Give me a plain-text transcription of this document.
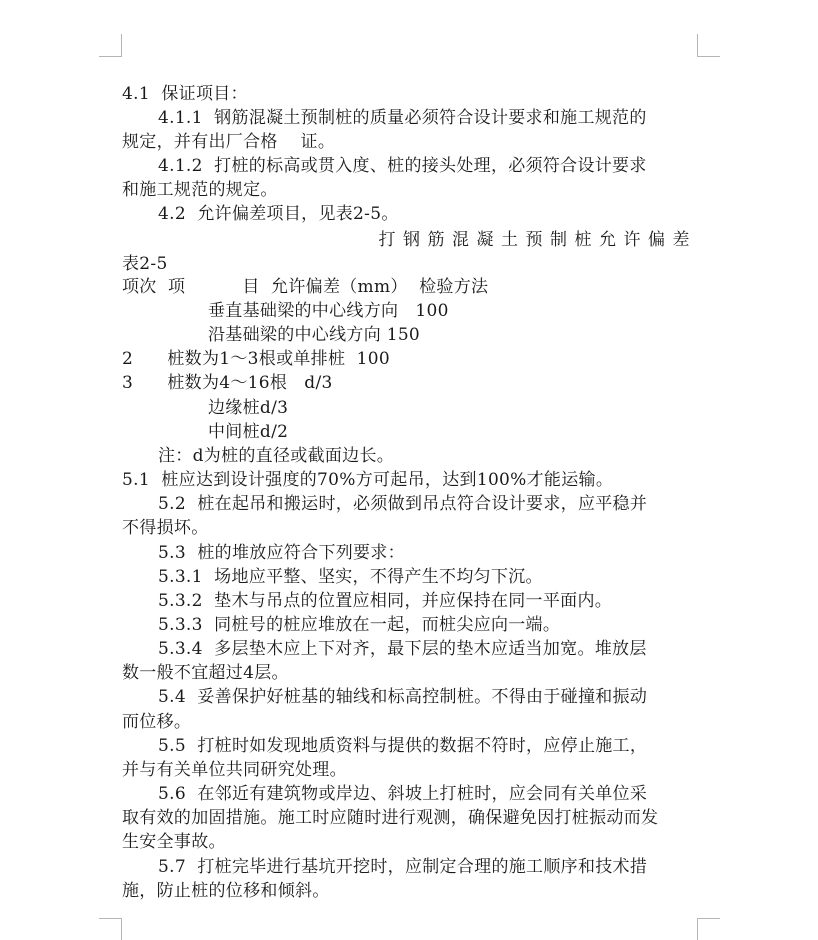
4.1  保证项目：
4.1.1  钢筋混凝土预制桩的质量必须符合设计要求和施工规范的
规定，并有出厂合格    证。
4.1.2  打桩的标高或贯入度、桩的接头处理，必须符合设计要求
和施工规范的规定。
4.2  允许偏差项目，见表2-5。
打钢筋混凝土预制桩允许偏差
表2-5
项次  项          目  允许偏差（mm）  检验方法
垂直基础梁的中心线方向   100
沿基础梁的中心线方向 150
2      桩数为1～3根或单排桩  100
3      桩数为4～16根   d/3
边缘桩d/3
中间桩d/2
注：d为桩的直径或截面边长。
5.1  桩应达到设计强度的70%方可起吊，达到100%才能运输。
5.2  桩在起吊和搬运时，必须做到吊点符合设计要求，应平稳并
不得损坏。
5.3  桩的堆放应符合下列要求：
5.3.1  场地应平整、坚实，不得产生不均匀下沉。
5.3.2  垫木与吊点的位置应相同，并应保持在同一平面内。
5.3.3  同桩号的桩应堆放在一起，而桩尖应向一端。
5.3.4  多层垫木应上下对齐，最下层的垫木应适当加宽。堆放层
数一般不宜超过4层。
5.4  妥善保护好桩基的轴线和标高控制桩。不得由于碰撞和振动
而位移。
5.5  打桩时如发现地质资料与提供的数据不符时，应停止施工，
并与有关单位共同研究处理。
5.6  在邻近有建筑物或岸边、斜坡上打桩时，应会同有关单位采
取有效的加固措施。施工时应随时进行观测，确保避免因打桩振动而发
生安全事故。
5.7  打桩完毕进行基坑开挖时，应制定合理的施工顺序和技术措
施，防止桩的位移和倾斜。
